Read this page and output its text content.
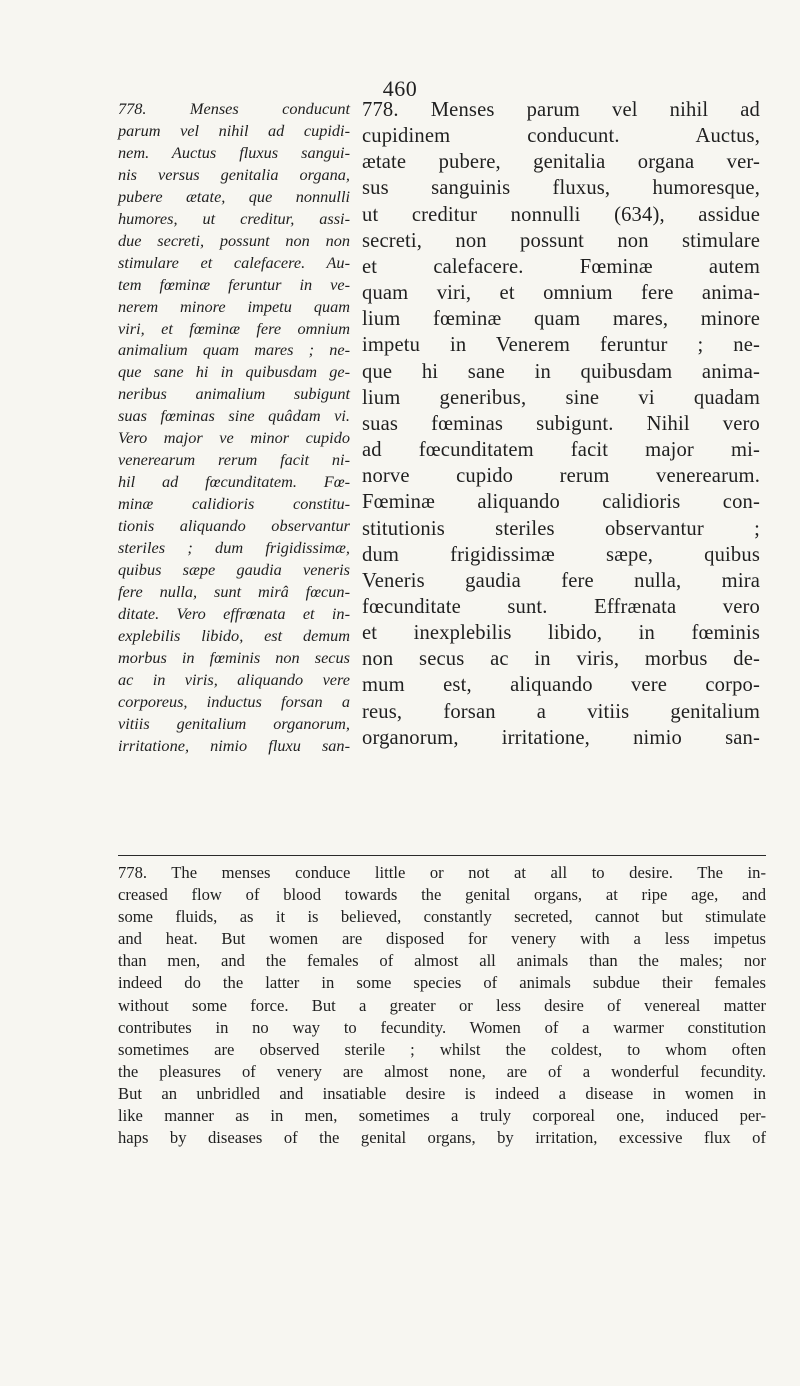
460
778. Menses conducunt
parum vel nihil ad cupidi-
nem. Auctus fluxus sangui-
nis versus genitalia organa,
pubere ætate, que nonnulli
humores, ut creditur, assi-
due secreti, possunt non non
stimulare et calefacere. Au-
tem fœminæ feruntur in ve-
nerem minore impetu quam
viri, et fœminæ fere omnium
animalium quam mares ; ne-
que sane hi in quibusdam ge-
neribus animalium subigunt
suas fœminas sine quâdam vi.
Vero major ve minor cupido
venerearum rerum facit ni-
hil ad fœcunditatem. Fœ-
minæ calidioris constitu-
tionis aliquando observantur
steriles ; dum frigidissimæ,
quibus sæpe gaudia veneris
fere nulla, sunt mirâ fœcun-
ditate. Vero effrœnata et in-
explebilis libido, est demum
morbus in fœminis non secus
ac in viris, aliquando vere
corporeus, inductus forsan a
vitiis genitalium organorum,
irritatione, nimio fluxu san-
778. Menses parum vel nihil ad
cupidinem conducunt. Auctus,
ætate pubere, genitalia organa ver-
sus sanguinis fluxus, humoresque,
ut creditur nonnulli (634), assidue
secreti, non possunt non stimulare
et calefacere. Fœminæ autem
quam viri, et omnium fere anima-
lium fœminæ quam mares, minore
impetu in Venerem feruntur ; ne-
que hi sane in quibusdam anima-
lium generibus, sine vi quadam
suas fœminas subigunt. Nihil vero
ad fœcunditatem facit major mi-
norve cupido rerum venerearum.
Fœminæ aliquando calidioris con-
stitutionis steriles observantur ;
dum frigidissimæ sæpe, quibus
Veneris gaudia fere nulla, mira
fœcunditate sunt. Effrænata vero
et inexplebilis libido, in fœminis
non secus ac in viris, morbus de-
mum est, aliquando vere corpo-
reus, forsan a vitiis genitalium
organorum, irritatione, nimio san-
778. The menses conduce little or not at all to desire. The in-
creased flow of blood towards the genital organs, at ripe age, and
some fluids, as it is believed, constantly secreted, cannot but stimulate
and heat. But women are disposed for venery with a less impetus
than men, and the females of almost all animals than the males; nor
indeed do the latter in some species of animals subdue their females
without some force. But a greater or less desire of venereal matter
contributes in no way to fecundity. Women of a warmer constitution
sometimes are observed sterile ; whilst the coldest, to whom often
the pleasures of venery are almost none, are of a wonderful fecundity.
But an unbridled and insatiable desire is indeed a disease in women in
like manner as in men, sometimes a truly corporeal one, induced per-
haps by diseases of the genital organs, by irritation, excessive flux of
